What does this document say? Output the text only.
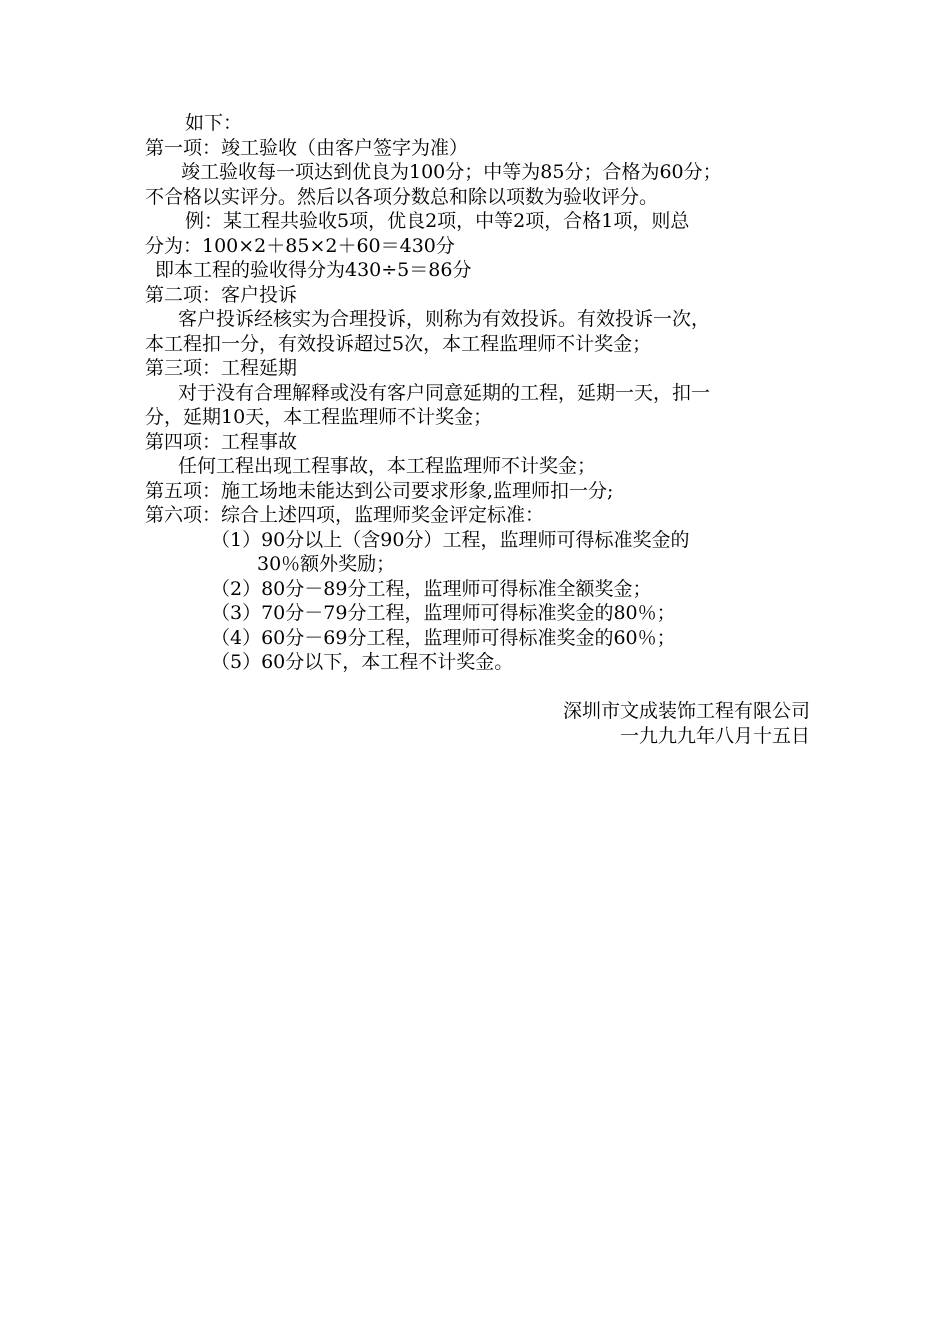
如下：
第一项：竣工验收（由客户签字为准）
竣工验收每一项达到优良为100分；中等为85分；合格为60分；
不合格以实评分。然后以各项分数总和除以项数为验收评分。
例：某工程共验收5项，优良2项，中等2项，合格1项，则总
分为：100×2＋85×2＋60＝430分
即本工程的验收得分为430÷5＝86分
第二项：客户投诉
客户投诉经核实为合理投诉，则称为有效投诉。有效投诉一次，
本工程扣一分，有效投诉超过5次，本工程监理师不计奖金；
第三项：工程延期
对于没有合理解释或没有客户同意延期的工程，延期一天，扣一
分，延期10天，本工程监理师不计奖金；
第四项：工程事故
任何工程出现工程事故，本工程监理师不计奖金；
第五项：施工场地未能达到公司要求形象,监理师扣一分;
第六项：综合上述四项，监理师奖金评定标准：
（1）90分以上（含90分）工程，监理师可得标准奖金的
30％额外奖励；
（2）80分－89分工程，监理师可得标准全额奖金；
（3）70分－79分工程，监理师可得标准奖金的80％；
（4）60分－69分工程，监理师可得标准奖金的60％；
（5）60分以下，本工程不计奖金。
深圳市文成装饰工程有限公司
一九九九年八月十五日
